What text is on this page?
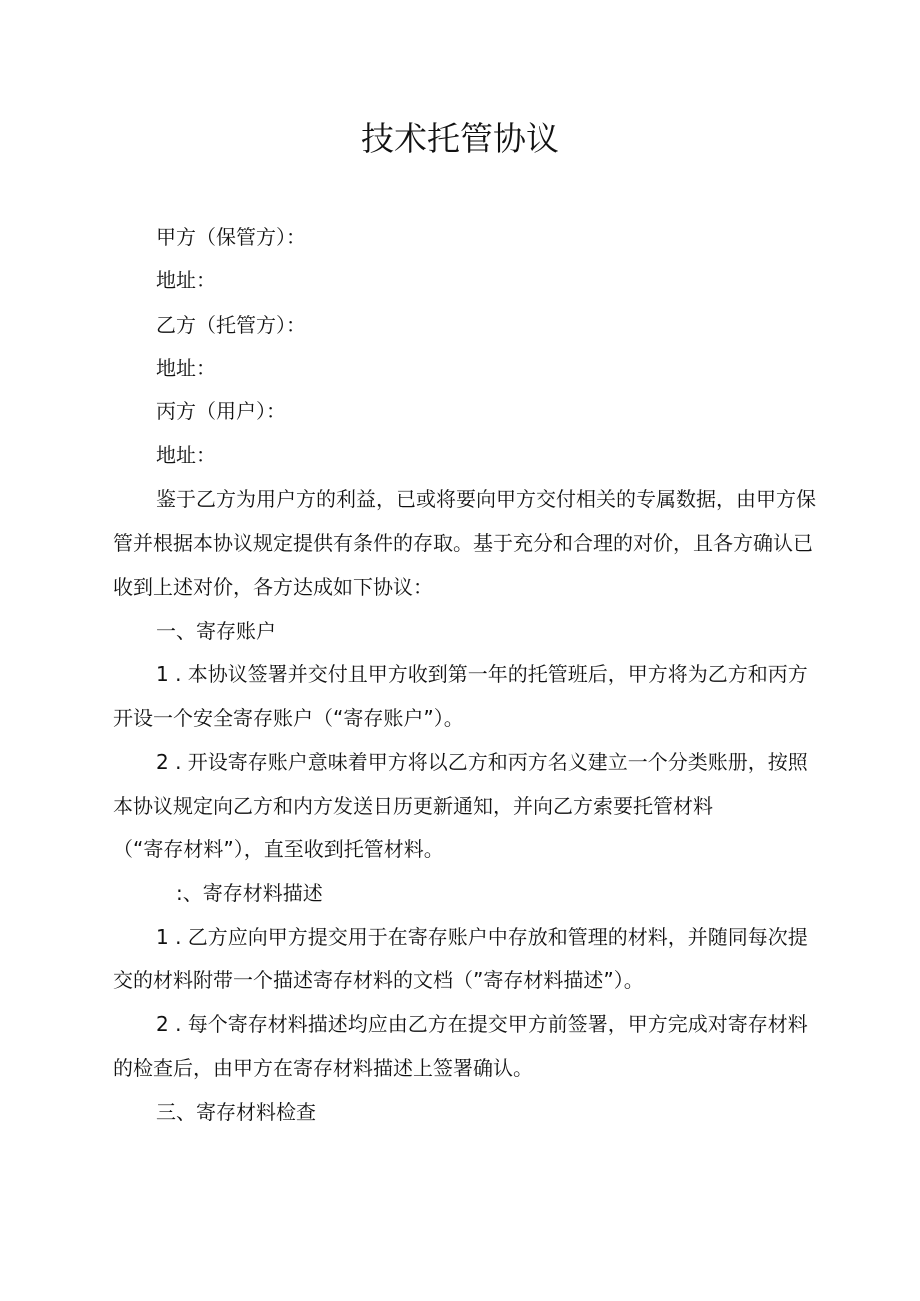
技术托管协议

甲方（保管方）：

地址：

乙方（托管方）：

地址：

丙方（用户）：

地址：

鉴于乙方为用户方的利益，已或将要向甲方交付相关的专属数据，由甲方保

管并根据本协议规定提供有条件的存取。基于充分和合理的对价，且各方确认已

收到上述对价，各方达成如下协议：

一、寄存账户

1 . 本协议签署并交付且甲方收到第一年的托管班后，甲方将为乙方和丙方

开设一个安全寄存账户（“寄存账户”）。

2 . 开设寄存账户意味着甲方将以乙方和丙方名义建立一个分类账册，按照

本协议规定向乙方和内方发送日历更新通知，并向乙方索要托管材料

（“寄存材料”），直至收到托管材料。

:、寄存材料描述

1 . 乙方应向甲方提交用于在寄存账户中存放和管理的材料，并随同每次提

交的材料附带一个描述寄存材料的文档（”寄存材料描述”）。

2 . 每个寄存材料描述均应由乙方在提交甲方前签署，甲方完成对寄存材料

的检查后，由甲方在寄存材料描述上签署确认。

三、寄存材料检查
